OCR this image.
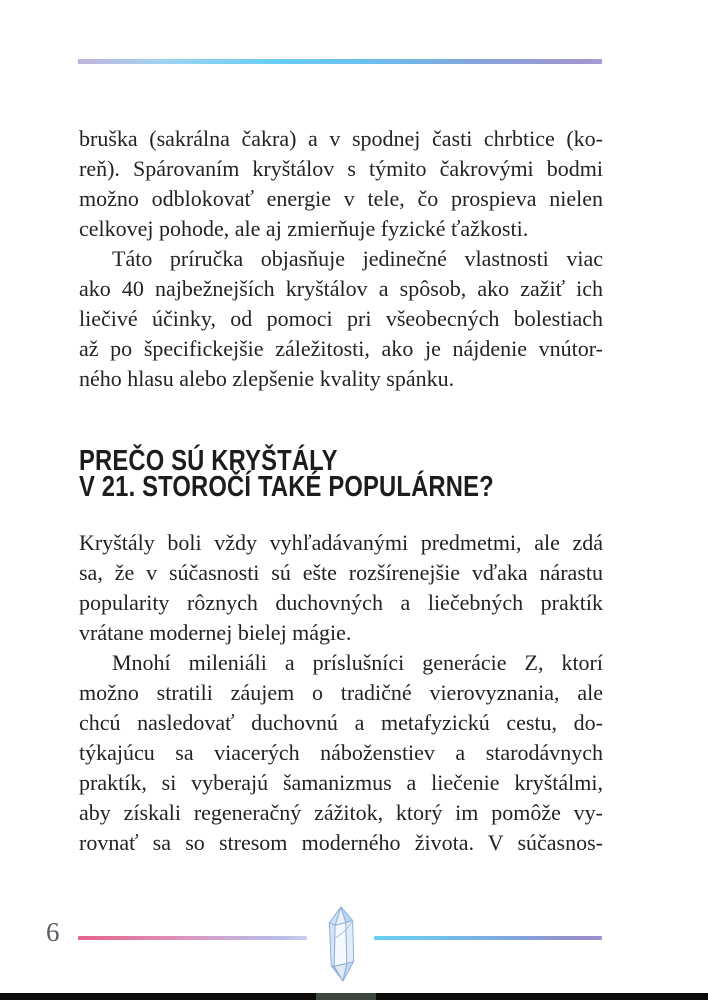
bruška (sakrálna čakra) a v spodnej časti chrbtice (ko-
reň). Spárovaním kryštálov s týmito čakrovými bodmi
možno odblokovať energie v tele, čo prospieva nielen
celkovej pohode, ale aj zmierňuje fyzické ťažkosti.
Táto príručka objasňuje jedinečné vlastnosti viac
ako 40 najbežnejších kryštálov a spôsob, ako zažiť ich
liečivé účinky, od pomoci pri všeobecných bolestiach
až po špecifickejšie záležitosti, ako je nájdenie vnútor-
ného hlasu alebo zlepšenie kvality spánku.
PREČO SÚ KRYŠTÁLY
V 21. STOROČÍ TAKÉ POPULÁRNE?
Kryštály boli vždy vyhľadávanými predmetmi, ale zdá
sa, že v súčasnosti sú ešte rozšírenejšie vďaka nárastu
popularity rôznych duchovných a liečebných praktík
vrátane modernej bielej mágie.
Mnohí mileniáli a príslušníci generácie Z, ktorí
možno stratili záujem o tradičné vierovyznania, ale
chcú nasledovať duchovnú a metafyzickú cestu, do-
týkajúcu sa viacerých náboženstiev a starodávnych
praktík, si vyberajú šamanizmus a liečenie kryštálmi,
aby získali regeneračný zážitok, ktorý im pomôže vy-
rovnať sa so stresom moderného života. V súčasnos-
6
